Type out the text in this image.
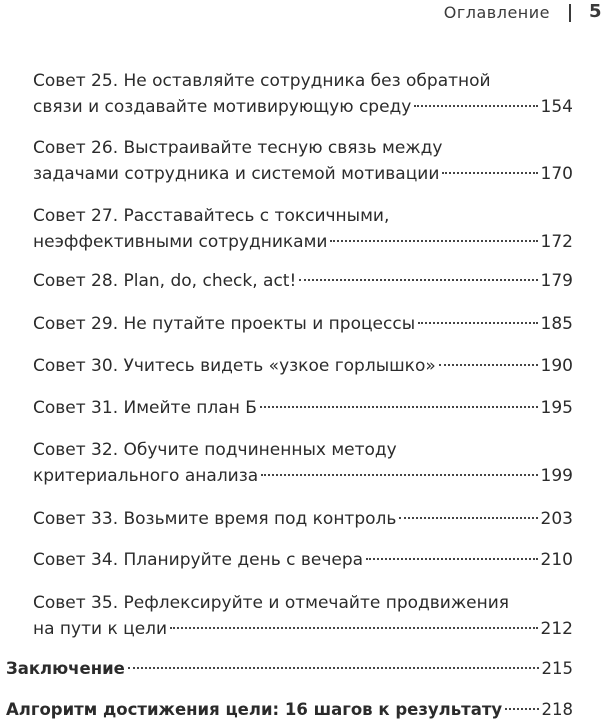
Оглавление 5
Совет 25. Не оставляйте сотрудника без обратной
связи и создавайте мотивирующую среду	154
Совет 26. Выстраивайте тесную связь между
задачами сотрудника и системой мотивации	170
Совет 27. Расставайтесь с токсичными,
неэффективными сотрудниками	172
Совет 28. Plan, do, check, act!	179
Совет 29. Не путайте проекты и процессы	185
Совет 30. Учитесь видеть «узкое горлышко»	190
Совет 31. Имейте план Б	195
Совет 32. Обучите подчиненных методу
критериального анализа	199
Совет 33. Возьмите время под контроль	203
Совет 34. Планируйте день с вечера	210
Совет 35. Рефлексируйте и отмечайте продвижения
на пути к цели	212
Заключение	215
Алгоритм достижения цели: 16 шагов к результату 218
